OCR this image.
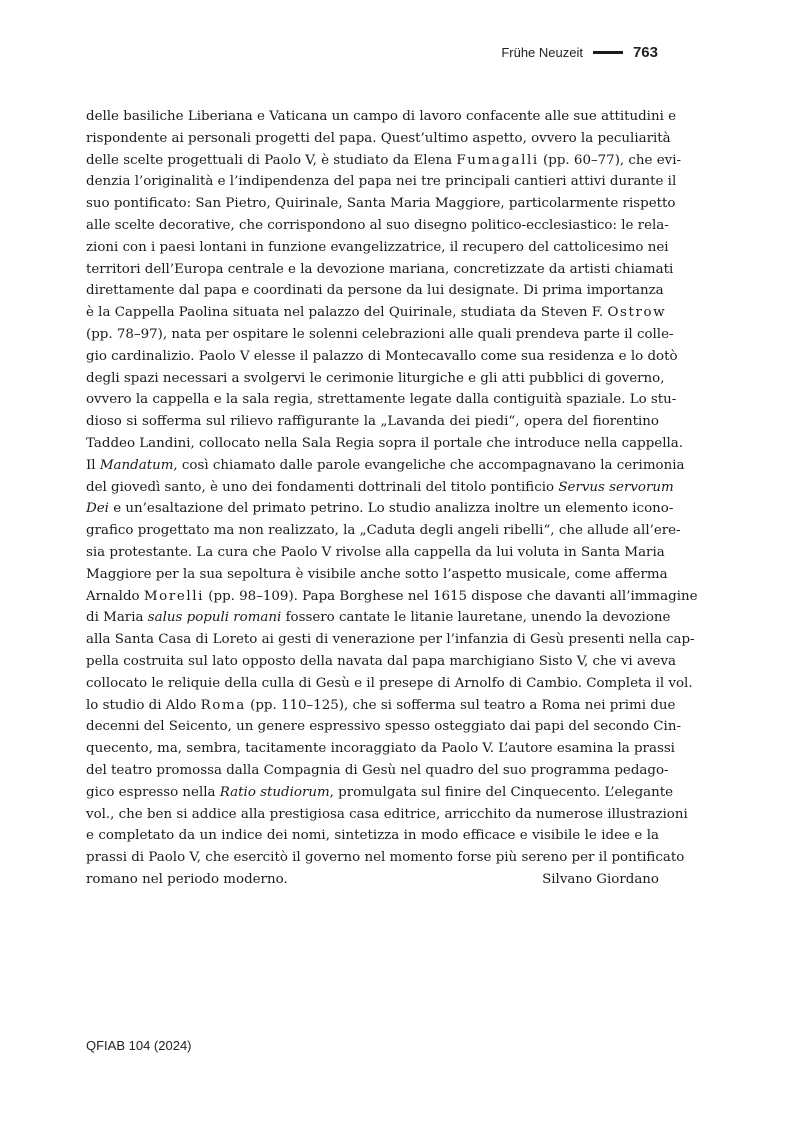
Frühe Neuzeit	763
delle basiliche Liberiana e Vaticana un campo di lavoro confacente alle sue attitudini e
rispondente ai personali progetti del papa. Quest’ultimo aspetto, ovvero la peculiarità
delle scelte progettuali di Paolo V, è studiato da Elena Fumagalli (pp. 60–77), che evi-
denzia l’originalità e l’indipendenza del papa nei tre principali cantieri attivi durante il
suo pontificato: San Pietro, Quirinale, Santa Maria Maggiore, particolarmente rispetto
alle scelte decorative, che corrispondono al suo disegno politico-ecclesiastico: le rela-
zioni con i paesi lontani in funzione evangelizzatrice, il recupero del cattolicesimo nei
territori dell’Europa centrale e la devozione mariana, concretizzate da artisti chiamati
direttamente dal papa e coordinati da persone da lui designate. Di prima importanza
è la Cappella Paolina situata nel palazzo del Quirinale, studiata da Steven F. Ostrow
(pp. 78–97), nata per ospitare le solenni celebrazioni alle quali prendeva parte il colle-
gio cardinalizio. Paolo V elesse il palazzo di Montecavallo come sua residenza e lo dotò
degli spazi necessari a svolgervi le cerimonie liturgiche e gli atti pubblici di governo,
ovvero la cappella e la sala regia, strettamente legate dalla contiguità spaziale. Lo stu-
dioso si sofferma sul rilievo raffigurante la „Lavanda dei piedi“, opera del fiorentino
Taddeo Landini, collocato nella Sala Regia sopra il portale che introduce nella cappella.
Il Mandatum, così chiamato dalle parole evangeliche che accompagnavano la cerimonia
del giovedì santo, è uno dei fondamenti dottrinali del titolo pontificio Servus servorum
Dei e un’esaltazione del primato petrino. Lo studio analizza inoltre un elemento icono-
grafico progettato ma non realizzato, la „Caduta degli angeli ribelli“, che allude all’ere-
sia protestante. La cura che Paolo V rivolse alla cappella da lui voluta in Santa Maria
Maggiore per la sua sepoltura è visibile anche sotto l’aspetto musicale, come afferma
Arnaldo Morelli (pp. 98–109). Papa Borghese nel 1615 dispose che davanti all’immagine
di Maria salus populi romani fossero cantate le litanie lauretane, unendo la devozione
alla Santa Casa di Loreto ai gesti di venerazione per l’infanzia di Gesù presenti nella cap-
pella costruita sul lato opposto della navata dal papa marchigiano Sisto V, che vi aveva
collocato le reliquie della culla di Gesù e il presepe di Arnolfo di Cambio. Completa il vol.
lo studio di Aldo Roma (pp. 110–125), che si sofferma sul teatro a Roma nei primi due
decenni del Seicento, un genere espressivo spesso osteggiato dai papi del secondo Cin-
quecento, ma, sembra, tacitamente incoraggiato da Paolo V. L’autore esamina la prassi
del teatro promossa dalla Compagnia di Gesù nel quadro del suo programma pedago-
gico espresso nella Ratio studiorum, promulgata sul finire del Cinquecento. L’elegante
vol., che ben si addice alla prestigiosa casa editrice, arricchito da numerose illustrazioni
e completato da un indice dei nomi, sintetizza in modo efficace e visibile le idee e la
prassi di Paolo V, che esercitò il governo nel momento forse più sereno per il pontificato
romano nel periodo moderno.	Silvano Giordano
QFIAB 104 (2024)
